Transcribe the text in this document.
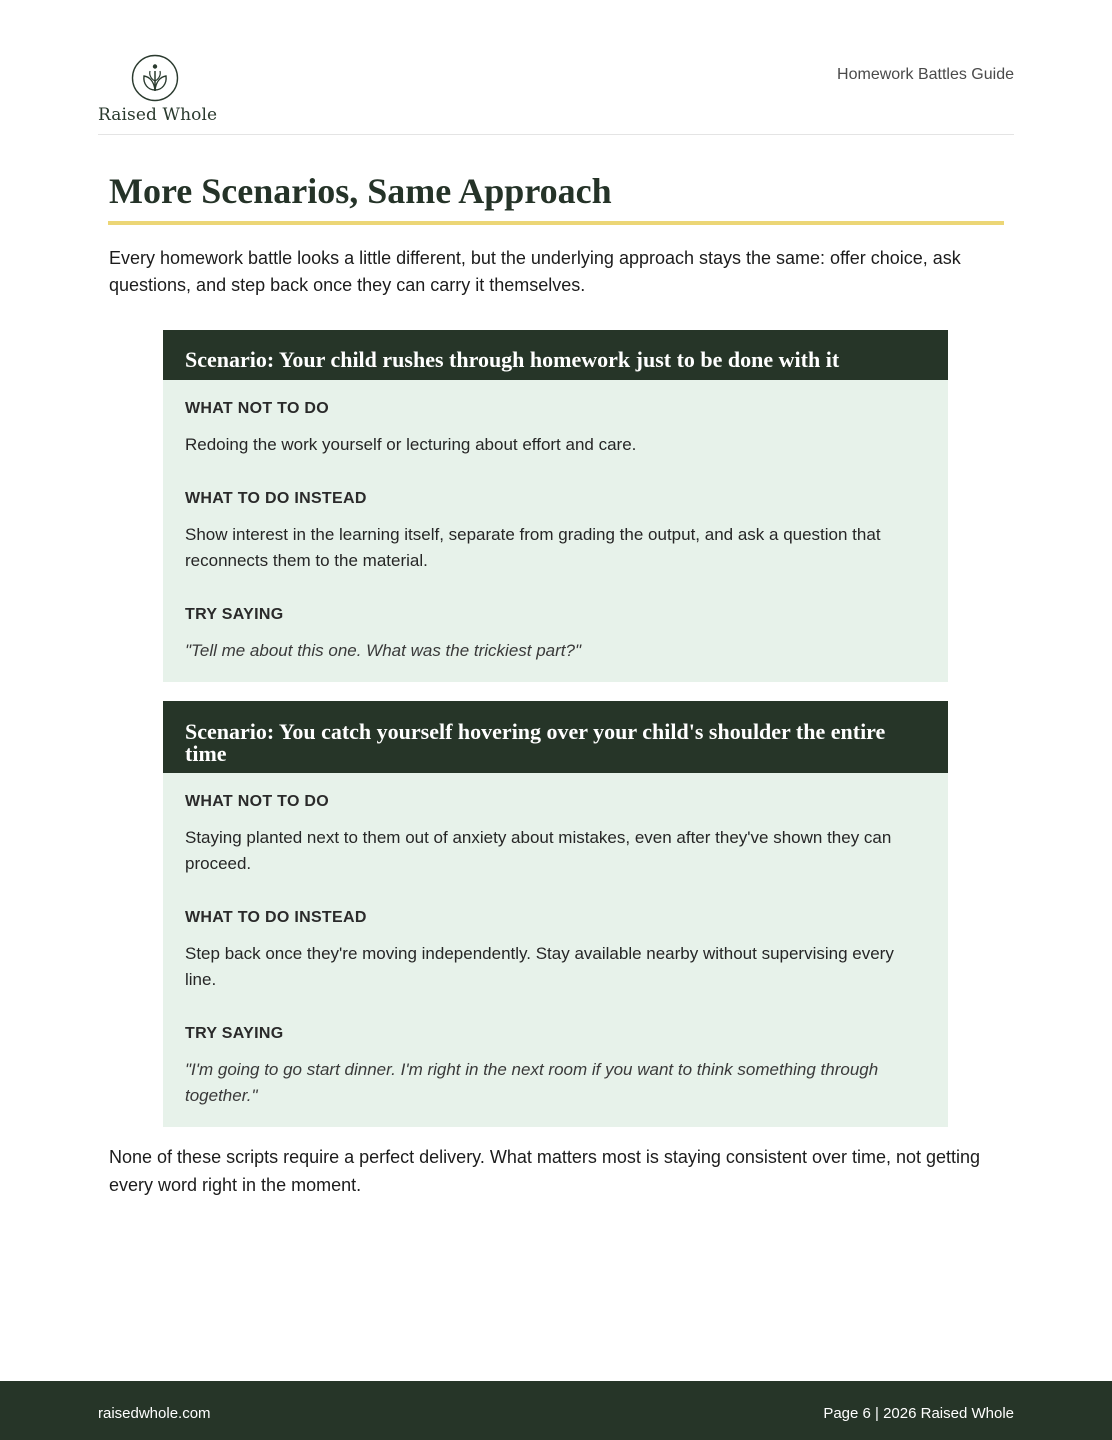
Raised Whole
Homework Battles Guide
More Scenarios, Same Approach

Every homework battle looks a little different, but the underlying approach stays the same: offer choice, ask questions, and step back once they can carry it themselves.

Scenario: Your child rushes through homework just to be done with it

WHAT NOT TO DO

Redoing the work yourself or lecturing about effort and care.

WHAT TO DO INSTEAD

Show interest in the learning itself, separate from grading the output, and ask a question that reconnects them to the material.

TRY SAYING

"Tell me about this one. What was the trickiest part?"

Scenario: You catch yourself hovering over your child's shoulder the entire time

WHAT NOT TO DO

Staying planted next to them out of anxiety about mistakes, even after they've shown they can proceed.

WHAT TO DO INSTEAD

Step back once they're moving independently. Stay available nearby without supervising every line.

TRY SAYING

"I'm going to go start dinner. I'm right in the next room if you want to think something through together."

None of these scripts require a perfect delivery. What matters most is staying consistent over time, not getting every word right in the moment.

raisedwhole.com	Page 6 | 2026 Raised Whole
